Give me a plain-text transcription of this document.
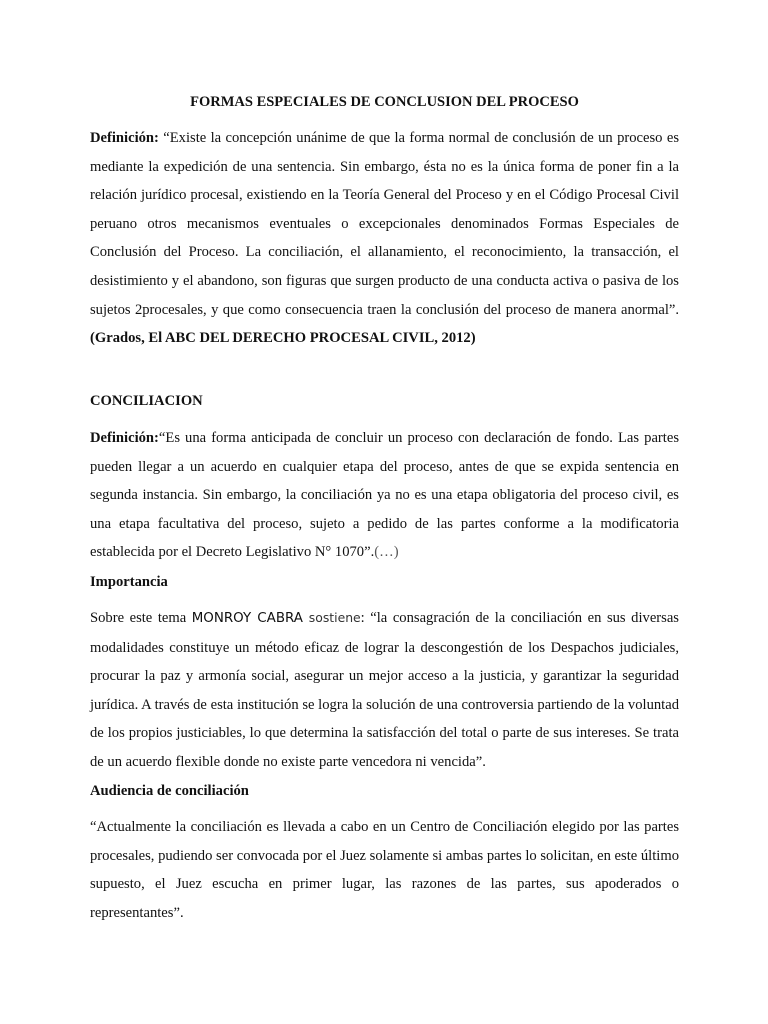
FORMAS ESPECIALES DE CONCLUSION DEL PROCESO

Definición: “Existe la concepción unánime de que la forma normal de conclusión de un proceso es mediante la expedición de una sentencia. Sin embargo, ésta no es la única forma de poner fin a la relación jurídico procesal, existiendo en la Teoría General del Proceso y en el Código Procesal Civil peruano otros mecanismos eventuales o excepcionales denominados Formas Especiales de Conclusión del Proceso. La conciliación, el allanamiento, el reconocimiento, la transacción, el desistimiento y el abandono, son figuras que surgen producto de una conducta activa o pasiva de los sujetos 2procesales, y que como consecuencia traen la conclusión del proceso de manera anormal”. (Grados, El ABC DEL DERECHO PROCESAL CIVIL, 2012)

CONCILIACION

Definición:“Es una forma anticipada de concluir un proceso con declaración de fondo. Las partes pueden llegar a un acuerdo en cualquier etapa del proceso, antes de que se expida sentencia en segunda instancia. Sin embargo, la conciliación ya no es una etapa obligatoria del proceso civil, es una etapa facultativa del proceso, sujeto a pedido de las partes conforme a la modificatoria establecida por el Decreto Legislativo N° 1070”.(…)

Importancia

Sobre este tema MONROY CABRA sostiene: “la consagración de la conciliación en sus diversas modalidades constituye un método eficaz de lograr la descongestión de los Despachos judiciales, procurar la paz y armonía social, asegurar un mejor acceso a la justicia, y garantizar la seguridad jurídica. A través de esta institución se logra la solución de una controversia partiendo de la voluntad de los propios justiciables, lo que determina la satisfacción del total o parte de sus intereses. Se trata de un acuerdo flexible donde no existe parte vencedora ni vencida”.

Audiencia de conciliación

“Actualmente la conciliación es llevada a cabo en un Centro de Conciliación elegido por las partes procesales, pudiendo ser convocada por el Juez solamente si ambas partes lo solicitan, en este último supuesto, el Juez escucha en primer lugar, las razones de las partes, sus apoderados o representantes”.
